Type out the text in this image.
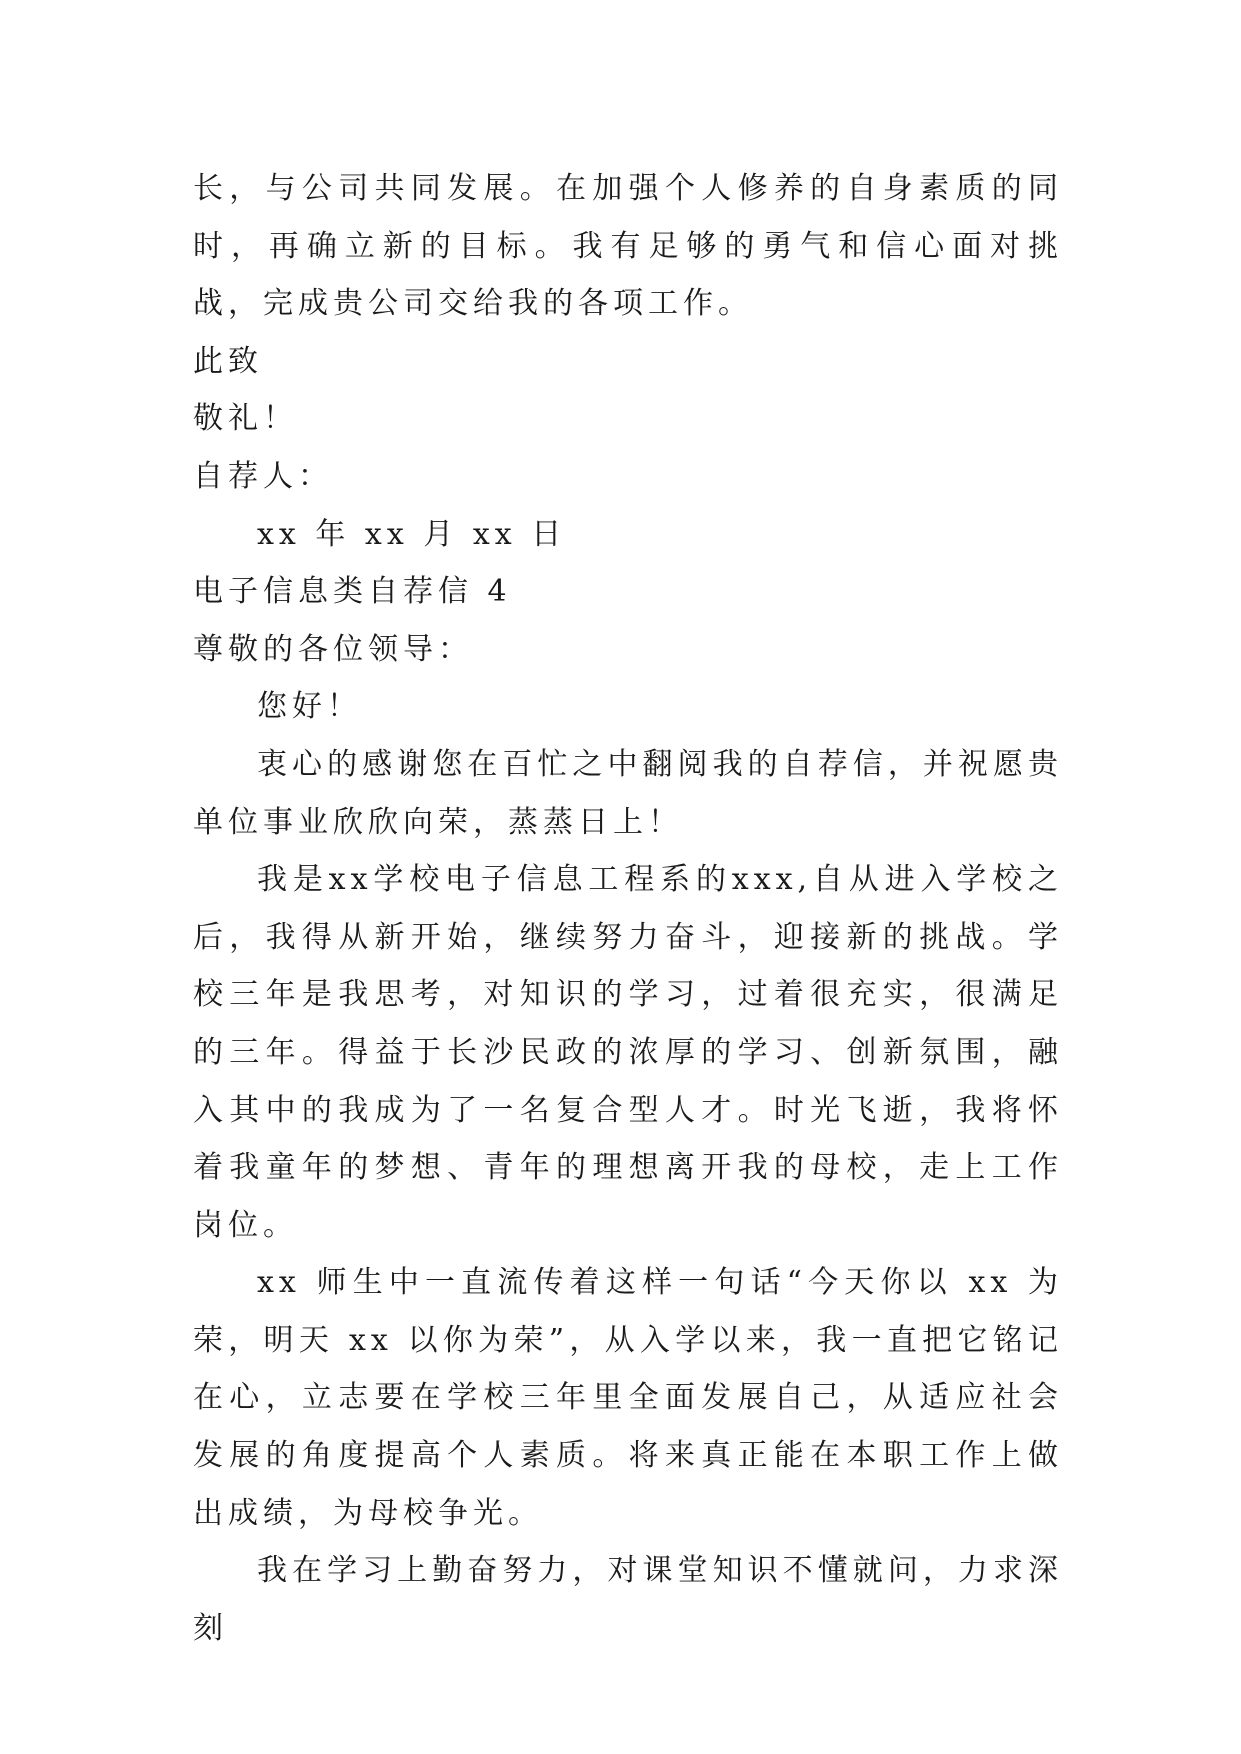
长，与公司共同发展。在加强个人修养的自身素质的同时，再确立新的目标。我有足够的勇气和信心面对挑战，完成贵公司交给我的各项工作。

此致

敬礼！

自荐人：

xx 年 xx 月 xx 日

电子信息类自荐信 4

尊敬的各位领导：

您好！

衷心的感谢您在百忙之中翻阅我的自荐信，并祝愿贵单位事业欣欣向荣，蒸蒸日上！

我是xx学校电子信息工程系的xxx,自从进入学校之后，我得从新开始，继续努力奋斗，迎接新的挑战。学校三年是我思考，对知识的学习，过着很充实，很满足的三年。得益于长沙民政的浓厚的学习、创新氛围，融入其中的我成为了一名复合型人才。时光飞逝，我将怀着我童年的梦想、青年的理想离开我的母校，走上工作岗位。

xx 师生中一直流传着这样一句话“今天你以 xx 为荣，明天 xx 以你为荣”，从入学以来，我一直把它铭记在心，立志要在学校三年里全面发展自己，从适应社会发展的角度提高个人素质。将来真正能在本职工作上做出成绩，为母校争光。

我在学习上勤奋努力，对课堂知识不懂就问，力求深刻
